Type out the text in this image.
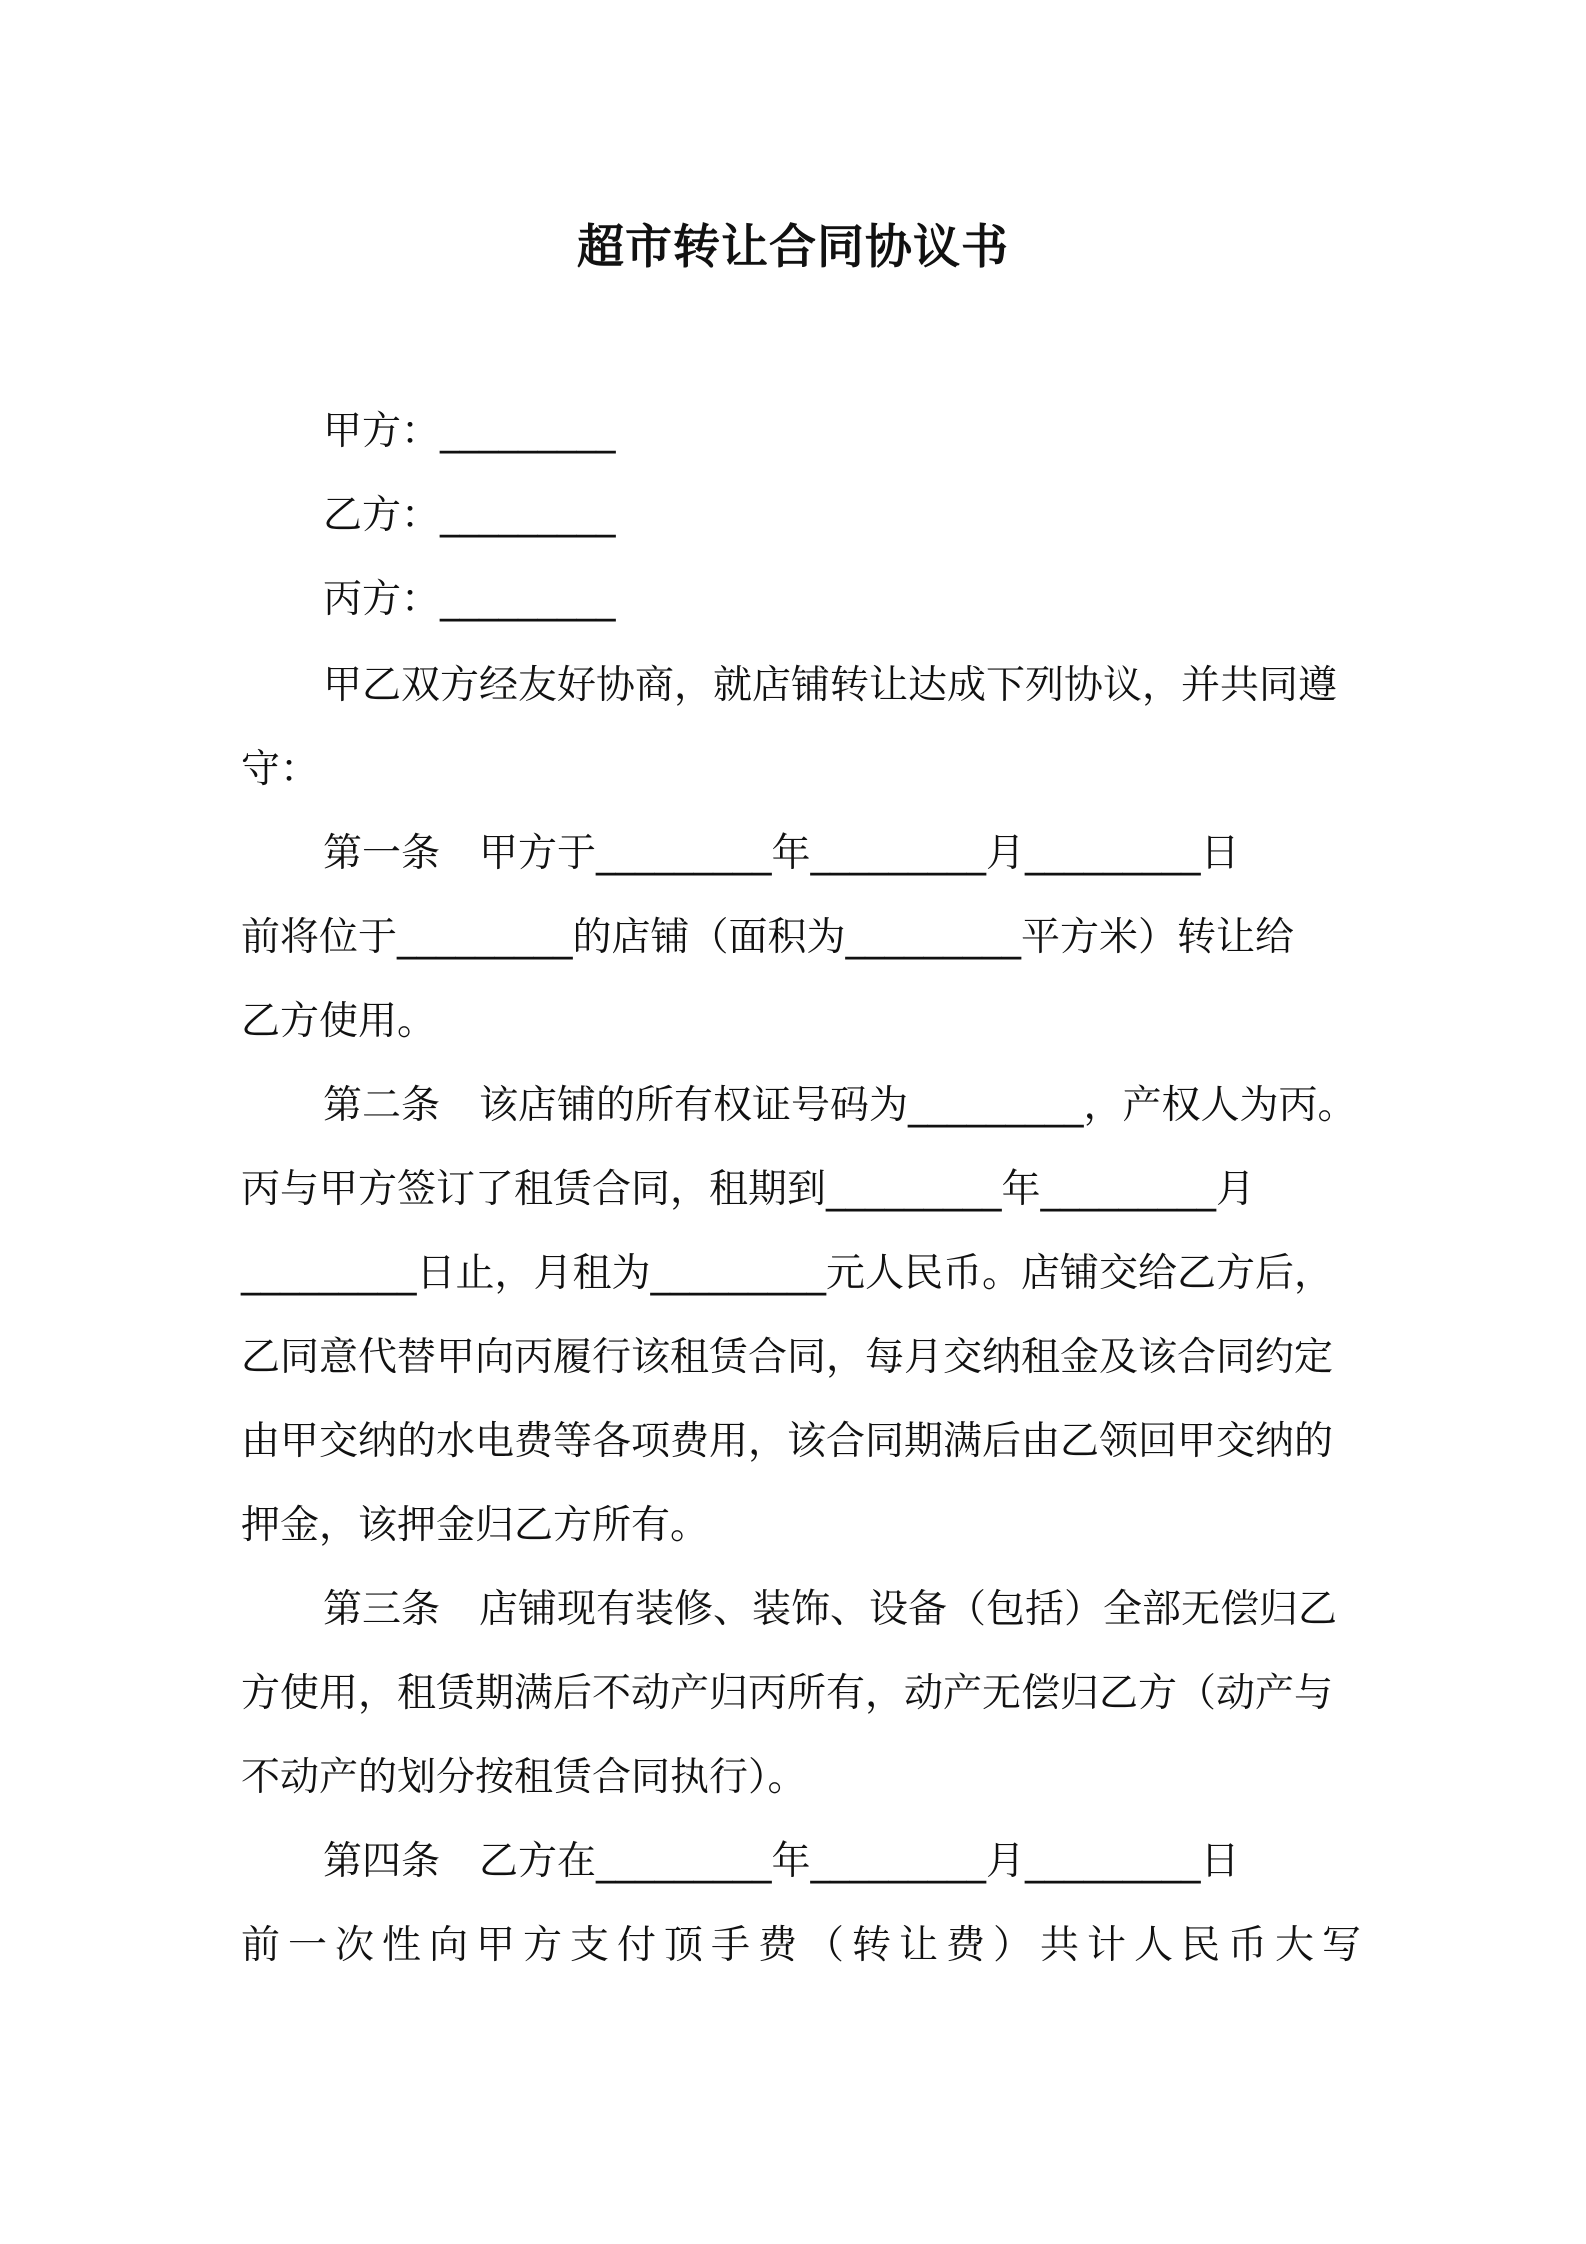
超市转让合同协议书

甲方：_________

乙方：_________

丙方：_________

甲乙双方经友好协商，就店铺转让达成下列协议，并共同遵

守：

第一条　甲方于_________年_________月_________日

前将位于_________的店铺（面积为_________平方米）转让给

乙方使用。

第二条　该店铺的所有权证号码为_________，产权人为丙。

丙与甲方签订了租赁合同，租期到_________年_________月

_________日止，月租为_________元人民币。店铺交给乙方后，

乙同意代替甲向丙履行该租赁合同，每月交纳租金及该合同约定

由甲交纳的水电费等各项费用，该合同期满后由乙领回甲交纳的

押金，该押金归乙方所有。

第三条　店铺现有装修、装饰、设备（包括）全部无偿归乙

方使用，租赁期满后不动产归丙所有，动产无偿归乙方（动产与

不动产的划分按租赁合同执行）。

第四条　乙方在_________年_________月_________日

前一次性向甲方支付顶手费（转让费）共计人民币大写
